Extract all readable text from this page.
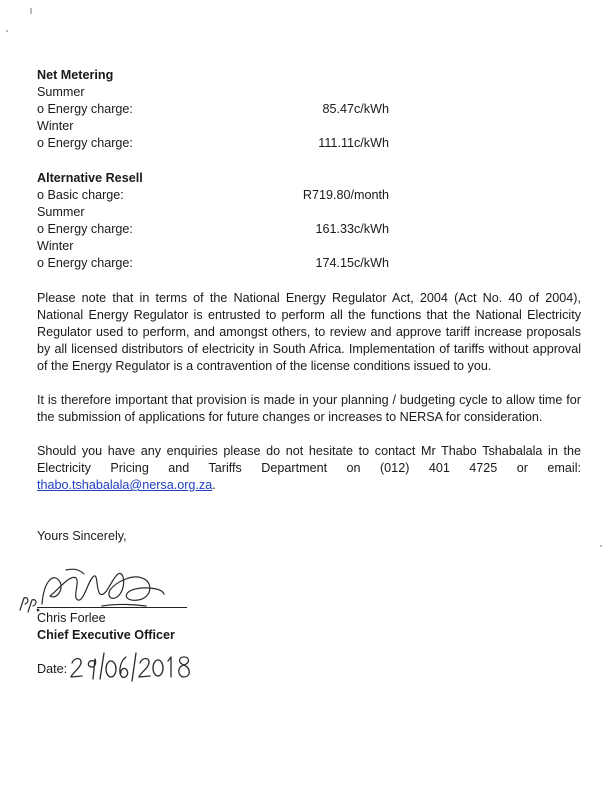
Net Metering
Summer
o Energy charge:	85.47c/kWh
Winter
o Energy charge:	111.11c/kWh
Alternative Resell
o Basic charge:	R719.80/month
Summer
o Energy charge:	161.33c/kWh
Winter
o Energy charge:	174.15c/kWh

Please note that in terms of the National Energy Regulator Act, 2004 (Act No. 40 of 2004), National Energy Regulator is entrusted to perform all the functions that the National Electricity Regulator used to perform, and amongst others, to review and approve tariff increase proposals by all licensed distributors of electricity in South Africa. Implementation of tariffs without approval of the Energy Regulator is a contravention of the license conditions issued to you.

It is therefore important that provision is made in your planning / budgeting cycle to allow time for the submission of applications for future changes or increases to NERSA for consideration.

Should you have any enquiries please do not hesitate to contact Mr Thabo Tshabalala in the Electricity Pricing and Tariffs Department on (012) 401 4725 or email: thabo.tshabalala@nersa.org.za.

Yours Sincerely,
Chris Forlee
Chief Executive Officer
Date:
